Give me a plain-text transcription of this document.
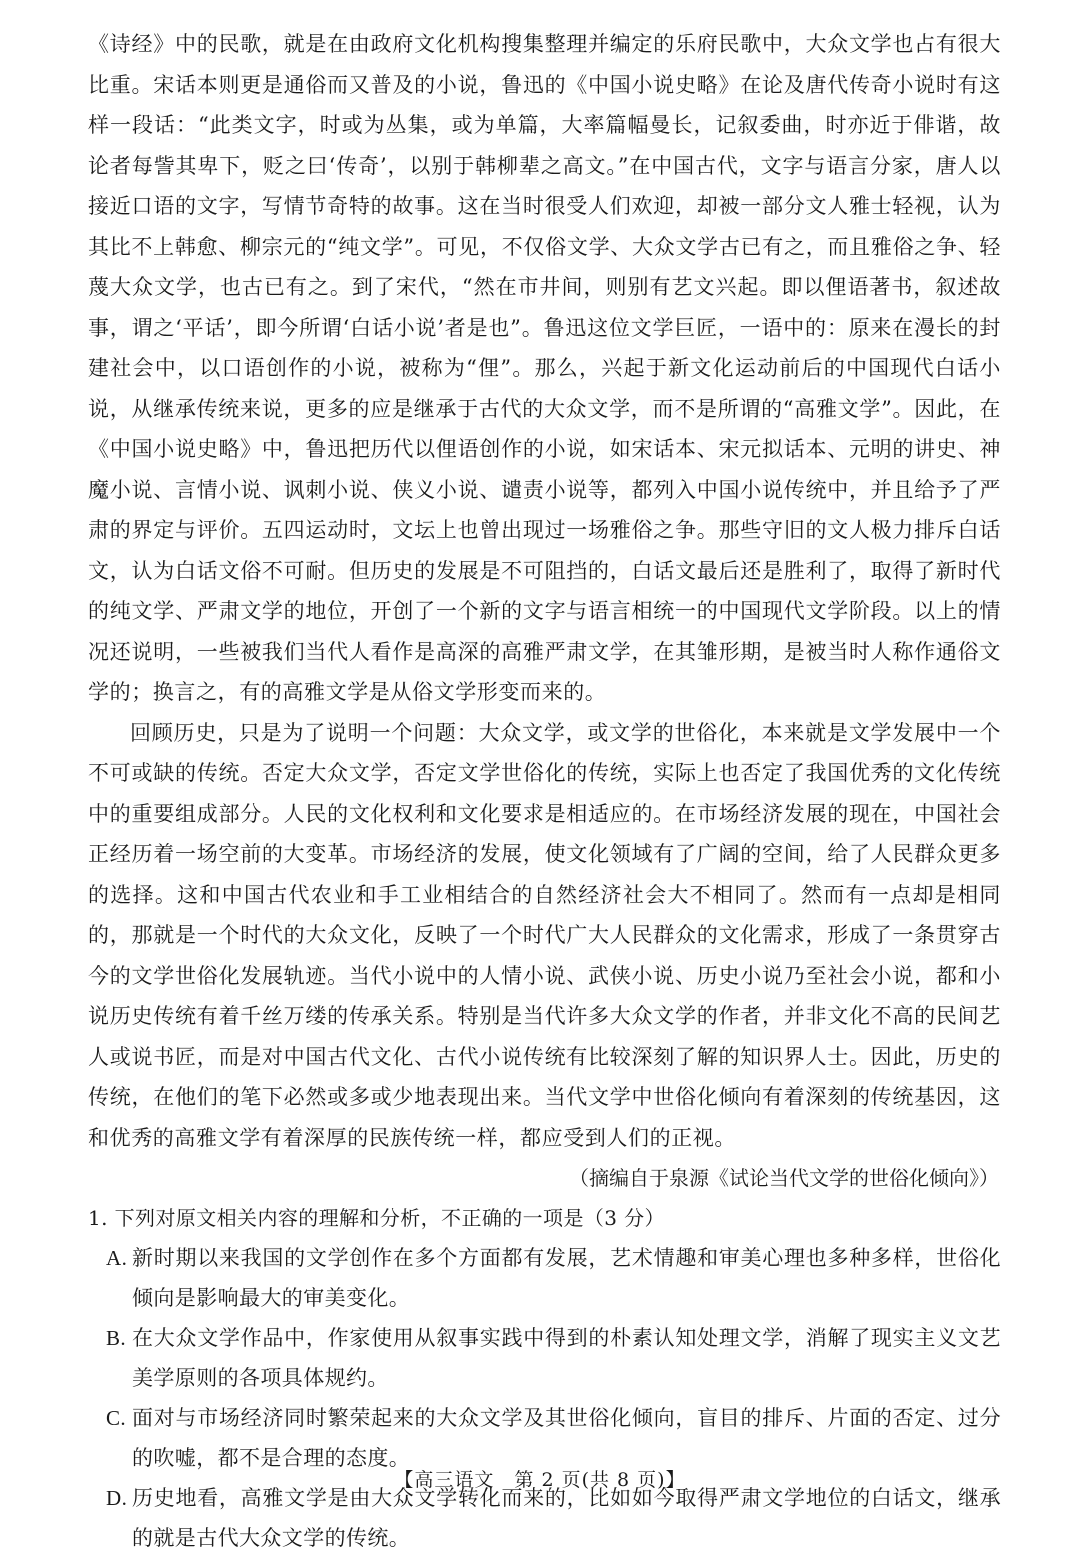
《诗经》中的民歌，就是在由政府文化机构搜集整理并编定的乐府民歌中，大众文学也占有很大比重。宋话本则更是通俗而又普及的小说，鲁迅的《中国小说史略》在论及唐代传奇小说时有这样一段话：“此类文字，时或为丛集，或为单篇，大率篇幅曼长，记叙委曲，时亦近于俳谐，故论者每訾其卑下，贬之曰‘传奇’，以别于韩柳辈之高文。”在中国古代，文字与语言分家，唐人以接近口语的文字，写情节奇特的故事。这在当时很受人们欢迎，却被一部分文人雅士轻视，认为其比不上韩愈、柳宗元的“纯文学”。可见，不仅俗文学、大众文学古已有之，而且雅俗之争、轻蔑大众文学，也古已有之。到了宋代，“然在市井间，则别有艺文兴起。即以俚语著书，叙述故事，谓之‘平话’，即今所谓‘白话小说’者是也”。鲁迅这位文学巨匠，一语中的：原来在漫长的封建社会中，以口语创作的小说，被称为“俚”。那么，兴起于新文化运动前后的中国现代白话小说，从继承传统来说，更多的应是继承于古代的大众文学，而不是所谓的“高雅文学”。因此，在《中国小说史略》中，鲁迅把历代以俚语创作的小说，如宋话本、宋元拟话本、元明的讲史、神魔小说、言情小说、讽刺小说、侠义小说、谴责小说等，都列入中国小说传统中，并且给予了严肃的界定与评价。五四运动时，文坛上也曾出现过一场雅俗之争。那些守旧的文人极力排斥白话文，认为白话文俗不可耐。但历史的发展是不可阻挡的，白话文最后还是胜利了，取得了新时代的纯文学、严肃文学的地位，开创了一个新的文字与语言相统一的中国现代文学阶段。以上的情况还说明，一些被我们当代人看作是高深的高雅严肃文学，在其雏形期，是被当时人称作通俗文学的；换言之，有的高雅文学是从俗文学形变而来的。

回顾历史，只是为了说明一个问题：大众文学，或文学的世俗化，本来就是文学发展中一个不可或缺的传统。否定大众文学，否定文学世俗化的传统，实际上也否定了我国优秀的文化传统中的重要组成部分。人民的文化权利和文化要求是相适应的。在市场经济发展的现在，中国社会正经历着一场空前的大变革。市场经济的发展，使文化领域有了广阔的空间，给了人民群众更多的选择。这和中国古代农业和手工业相结合的自然经济社会大不相同了。然而有一点却是相同的，那就是一个时代的大众文化，反映了一个时代广大人民群众的文化需求，形成了一条贯穿古今的文学世俗化发展轨迹。当代小说中的人情小说、武侠小说、历史小说乃至社会小说，都和小说历史传统有着千丝万缕的传承关系。特别是当代许多大众文学的作者，并非文化不高的民间艺人或说书匠，而是对中国古代文化、古代小说传统有比较深刻了解的知识界人士。因此，历史的传统，在他们的笔下必然或多或少地表现出来。当代文学中世俗化倾向有着深刻的传统基因，这和优秀的高雅文学有着深厚的民族传统一样，都应受到人们的正视。

（摘编自于泉源《试论当代文学的世俗化倾向》）

1. 下列对原文相关内容的理解和分析，不正确的一项是（3 分）

A. 新时期以来我国的文学创作在多个方面都有发展，艺术情趣和审美心理也多种多样，世俗化倾向是影响最大的审美变化。

B. 在大众文学作品中，作家使用从叙事实践中得到的朴素认知处理文学，消解了现实主义文艺美学原则的各项具体规约。

C. 面对与市场经济同时繁荣起来的大众文学及其世俗化倾向，盲目的排斥、片面的否定、过分的吹嘘，都不是合理的态度。

D. 历史地看，高雅文学是由大众文学转化而来的，比如如今取得严肃文学地位的白话文，继承的就是古代大众文学的传统。

【高三语文　第 2 页(共 8 页)】
